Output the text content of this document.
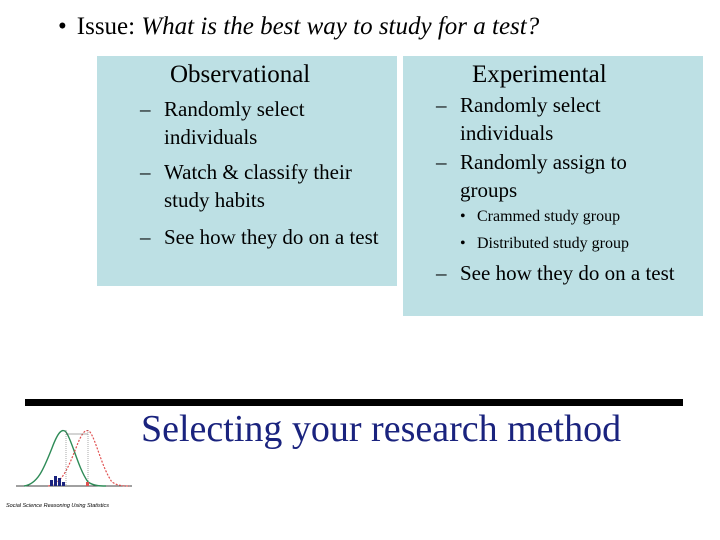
• Issue: What is the best way to study for a test?
Observational
– Randomly select individuals
– Watch & classify their study habits
– See how they do on a test
Experimental
– Randomly select individuals
– Randomly assign to groups
• Crammed study group
• Distributed study group
– See how they do on a test
Selecting your research method
Social Science Reasoning Using Statistics
